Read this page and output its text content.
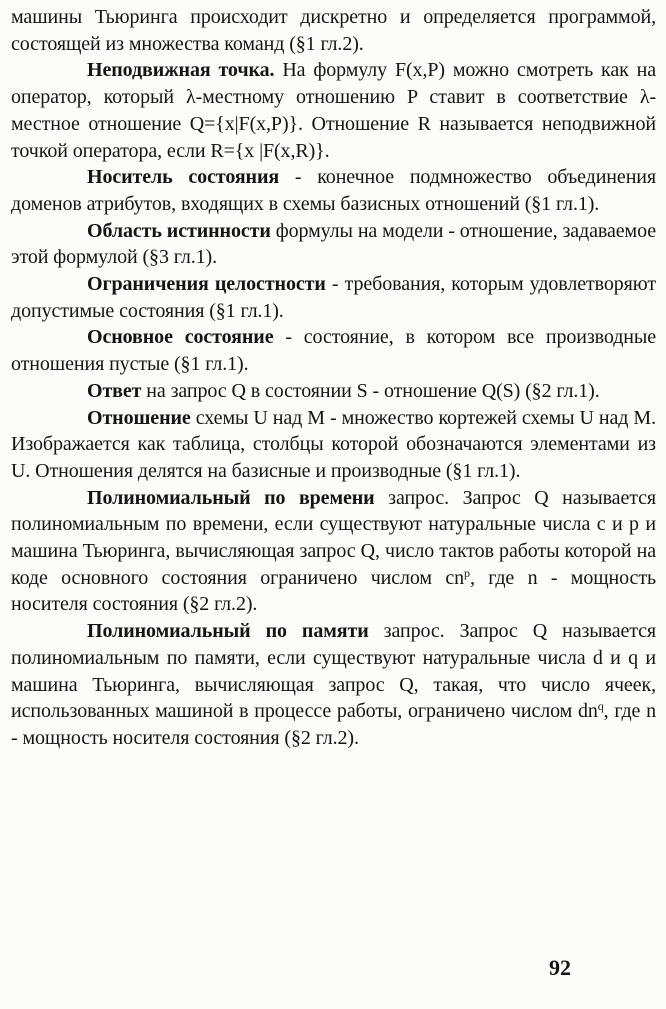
машины Тьюринга происходит дискретно и определяется программой, состоящей из множества команд (§1 гл.2).

Неподвижная точка. На формулу F(x,P) можно смотреть как на оператор, который λ-местному отношению P ставит в соответствие λ-местное отношение Q={x|F(x,P)}. Отношение R называется неподвижной точкой оператора, если R={x |F(x,R)}.

Носитель состояния - конечное подмножество объединения доменов атрибутов, входящих в схемы базисных отношений (§1 гл.1).

Область истинности формулы на модели - отношение, задаваемое этой формулой (§3 гл.1).

Ограничения целостности - требования, которым удовлетворяют допустимые состояния (§1 гл.1).

Основное состояние - состояние, в котором все производные отношения пустые (§1 гл.1).

Ответ на запрос Q в состоянии S - отношение Q(S) (§2 гл.1).

Отношение схемы U над M - множество кортежей схемы U над M. Изображается как таблица, столбцы которой обозначаются элементами из U. Отношения делятся на базисные и производные (§1 гл.1).

Полиномиальный по времени запрос. Запрос Q называется полиномиальным по времени, если существуют натуральные числа c и p и машина Тьюринга, вычисляющая запрос Q, число тактов работы которой на коде основного состояния ограничено числом $cn^p$, где n - мощность носителя состояния (§2 гл.2).

Полиномиальный по памяти запрос. Запрос Q называется полиномиальным по памяти, если существуют натуральные числа d и q и машина Тьюринга, вычисляющая запрос Q, такая, что число ячеек, использованных машиной в процессе работы, ограничено числом $dn^q$, где n - мощность носителя состояния (§2 гл.2).

92
